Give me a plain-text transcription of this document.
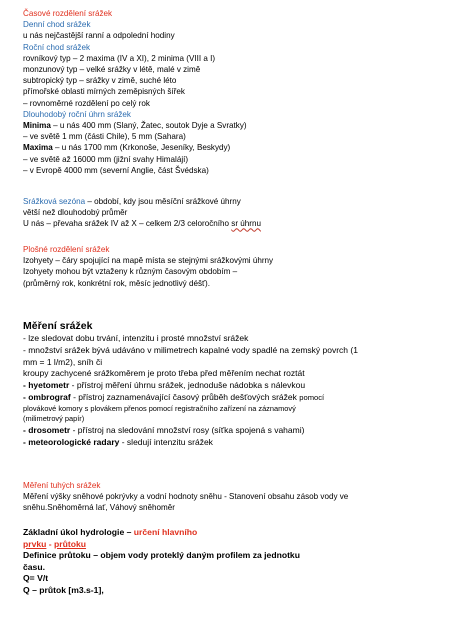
Časové rozdělení srážek
Denní chod srážek
u nás nejčastější ranní a odpolední hodiny
Roční chod srážek
rovníkový typ – 2 maxima (IV a XI), 2 minima (VIII a I)
monzunový typ – velké srážky v létě, malé v zimě
subtropický typ – srážky v zimě, suché léto
přímořské oblasti mírných zeměpisných šířek
– rovnoměrné rozdělení po celý rok
Dlouhodobý roční úhrn srážek
Minima – u nás 400 mm (Slaný, Žatec, soutok Dyje a Svratky)
– ve světě 1 mm (části Chile), 5 mm (Sahara)
Maxima – u nás 1700 mm (Krkonoše, Jeseníky, Beskydy)
– ve světě až 16000 mm (jižní svahy Himalájí)
– v Evropě 4000 mm (severní Anglie, část Švédska)
Srážková sezóna – období, kdy jsou měsíční srážkové úhrny
větší než dlouhodobý průměr
U nás – převaha srážek IV až X – celkem 2/3 celoročního sr úhrnu
Plošné rozdělení srážek
Izohyety – čáry spojující na mapě místa se stejnými srážkovými úhrny
Izohyety mohou být vztaženy k různým časovým obdobím –
(průměrný rok, konkrétní rok, měsíc jednotlivý déšť).
Měření srážek
- lze sledovat dobu trvání, intenzitu i prosté množství srážek
- množství srážek bývá udáváno v milimetrech kapalné vody spadlé na zemský povrch (1
mm = 1 l/m2), sníh či
kroupy zachycené srážkoměrem je proto třeba před měřením nechat roztát
- hyetometr - přístroj měření úhrnu srážek, jednoduše nádobka s nálevkou
- ombrograf - přístroj zaznamenávající časový průběh dešťových srážek pomocí
plovákové komory s plovákem přenos pomocí registračního zařízení na záznamový
(milimetrový papír)
- drosometr - přístroj na sledování množství rosy (síťka spojená s vahami)
- meteorologické radary - sledují intenzitu srážek
Měření tuhých srážek
Měření výšky sněhové pokrývky a vodní hodnoty sněhu - Stanovení obsahu zásob vody ve
sněhu.Sněhoměrná lať, Váhový sněhoměr
Základní úkol hydrologie – určení hlavního
prvku - průtoku
Definice průtoku – objem vody proteklý daným profilem za jednotku
času.
Q= V/t
Q – průtok [m3.s-1],
